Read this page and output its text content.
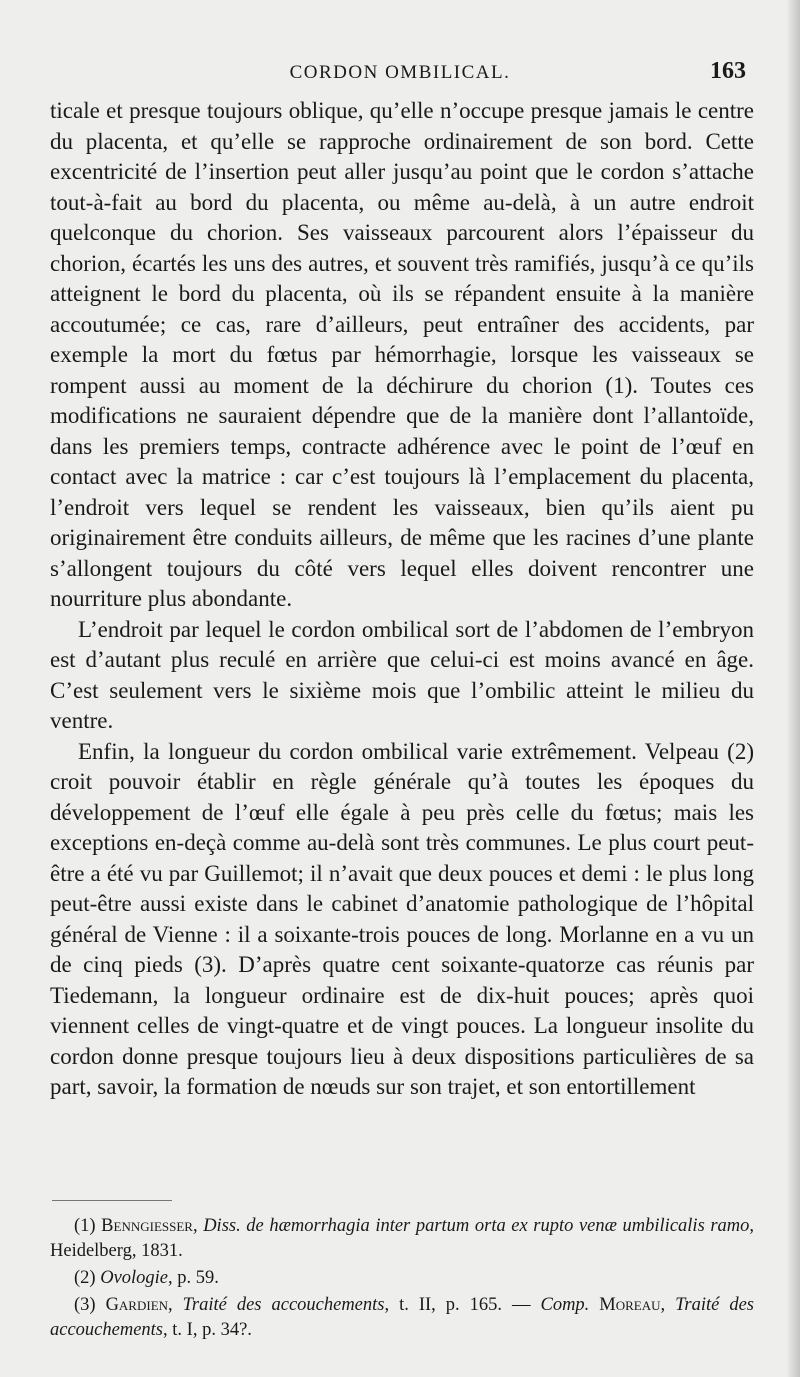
CORDON OMBILICAL.	163

ticale et presque toujours oblique, qu’elle n’occupe presque jamais le centre du placenta, et qu’elle se rapproche ordinairement de son bord. Cette excentricité de l’insertion peut aller jusqu’au point que le cordon s’attache tout-à-fait au bord du placenta, ou même au-delà, à un autre endroit quelconque du chorion. Ses vaisseaux parcourent alors l’épaisseur du chorion, écartés les uns des autres, et souvent très ramifiés, jusqu’à ce qu’ils atteignent le bord du placenta, où ils se répandent ensuite à la manière accoutumée; ce cas, rare d’ailleurs, peut entraîner des accidents, par exemple la mort du fœtus par hémorrhagie, lorsque les vaisseaux se rompent aussi au moment de la déchirure du chorion (1). Toutes ces modifications ne sauraient dépendre que de la manière dont l’allantoïde, dans les premiers temps, contracte adhérence avec le point de l’œuf en contact avec la matrice : car c’est toujours là l’emplacement du placenta, l’endroit vers lequel se rendent les vaisseaux, bien qu’ils aient pu originairement être conduits ailleurs, de même que les racines d’une plante s’allongent toujours du côté vers lequel elles doivent rencontrer une nourriture plus abondante.

L’endroit par lequel le cordon ombilical sort de l’abdomen de l’embryon est d’autant plus reculé en arrière que celui-ci est moins avancé en âge. C’est seulement vers le sixième mois que l’ombilic atteint le milieu du ventre.

Enfin, la longueur du cordon ombilical varie extrêmement. Velpeau (2) croit pouvoir établir en règle générale qu’à toutes les époques du développement de l’œuf elle égale à peu près celle du fœtus; mais les exceptions en-deçà comme au-delà sont très communes. Le plus court peut-être a été vu par Guillemot; il n’avait que deux pouces et demi : le plus long peut-être aussi existe dans le cabinet d’anatomie pathologique de l’hôpital général de Vienne : il a soixante-trois pouces de long. Morlanne en a vu un de cinq pieds (3). D’après quatre cent soixante-quatorze cas réunis par Tiedemann, la longueur ordinaire est de dix-huit pouces; après quoi viennent celles de vingt-quatre et de vingt pouces. La longueur insolite du cordon donne presque toujours lieu à deux dispositions particulières de sa part, savoir, la formation de nœuds sur son trajet, et son entortillement

(1) Benngiesser, Diss. de hæmorrhagia inter partum orta ex rupto venæ umbilicalis ramo, Heidelberg, 1831.

(2) Ovologie, p. 59.

(3) Gardien, Traité des accouchements, t. II, p. 165. — Comp. Moreau, Traité des accouchements, t. I, p. 34?.
